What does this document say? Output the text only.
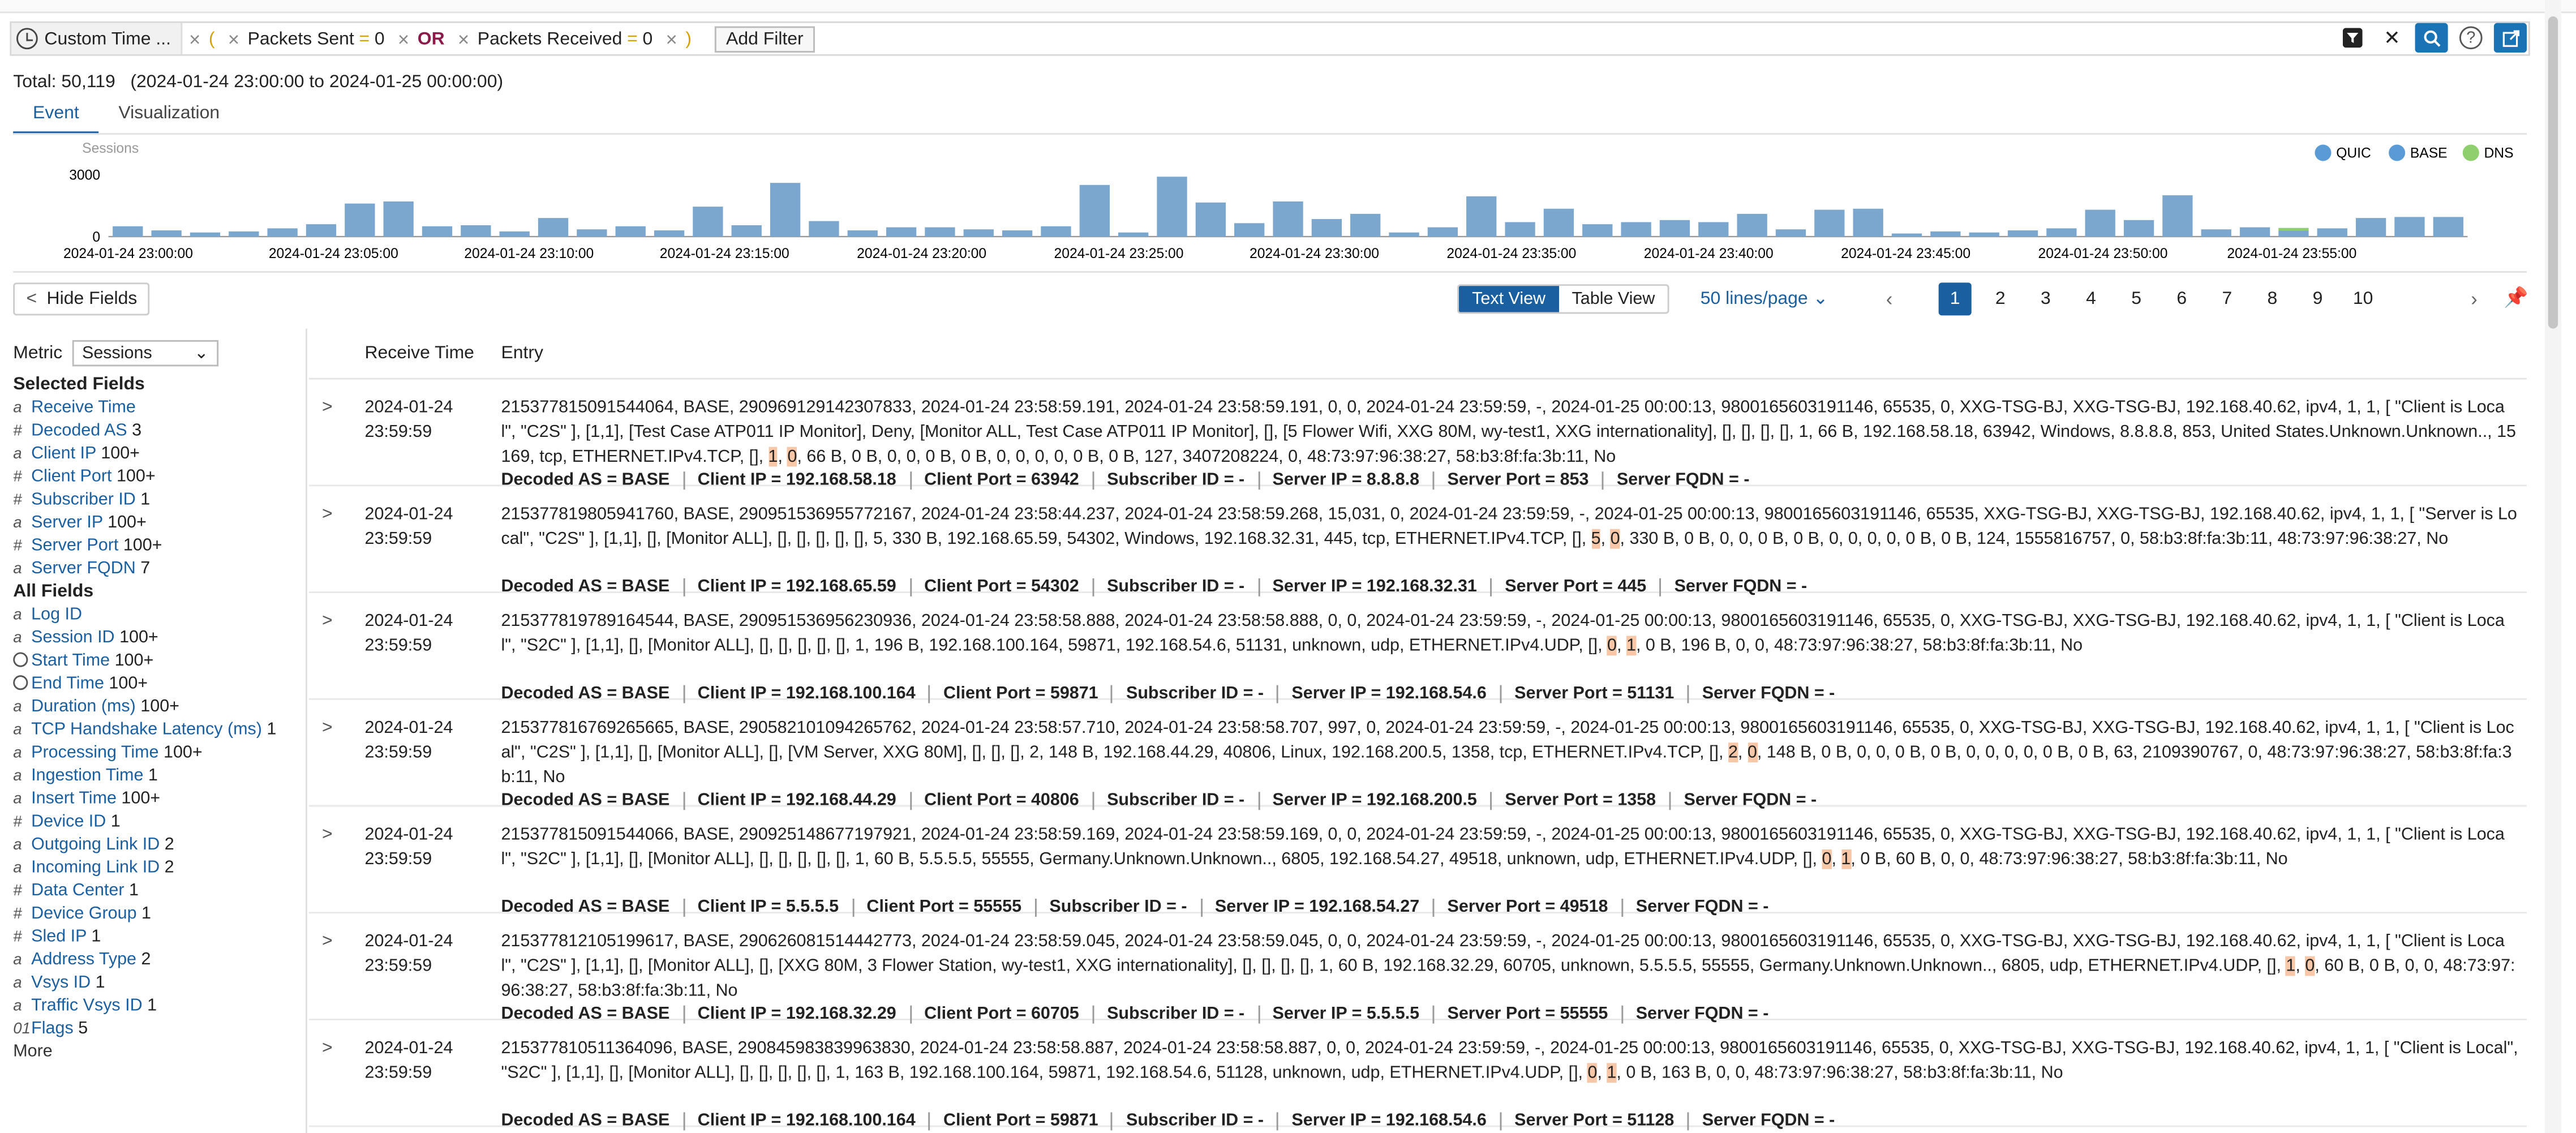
Custom Time ...	× ( × Packets Sent = 0 × OR × Packets Received = 0 × )	Add Filter	✕	?
Total: 50,119 (2024-01-24 23:00:00 to 2024-01-25 00:00:00)
Event	Visualization
Sessions
3000
0
2024-01-24 23:00:00	2024-01-24 23:05:00	2024-01-24 23:10:00	2024-01-24 23:15:00	2024-01-24 23:20:00	2024-01-24 23:25:00	2024-01-24 23:30:00	2024-01-24 23:35:00	2024-01-24 23:40:00	2024-01-24 23:45:00	2024-01-24 23:50:00	2024-01-24 23:55:00
QUIC	BASE	DNS
< Hide Fields	Text View	Table View	50 lines/page ⌄	‹	1	2	3	4	5	6	7	8	9	10	›	📌
Metric	Sessions	⌄
Selected Fields
a Receive Time
# Decoded AS 3
a Client IP 100+
# Client Port 100+
# Subscriber ID 1
a Server IP 100+
# Server Port 100+
a Server FQDN 7
All Fields
a Log ID
a Session ID 100+
Start Time 100+
End Time 100+
a Duration (ms) 100+
a TCP Handshake Latency (ms) 1
a Processing Time 100+
a Ingestion Time 1
a Insert Time 100+
# Device ID 1
a Outgoing Link ID 2
a Incoming Link ID 2
# Data Center 1
# Device Group 1
# Sled IP 1
a Address Type 2
a Vsys ID 1
a Traffic Vsys ID 1
01Flags 5
More
Receive Time	Entry
>	2024-01-24
23:59:59
215377815091544064, BASE, 290969129142307833, 2024-01-24 23:58:59.191, 2024-01-24 23:58:59.191, 0, 0, 2024-01-24 23:59:59, -, 2024-01-25 00:00:13, 9800165603191146, 65535, 0, XXG-TSG-BJ, XXG-TSG-BJ, 192.168.40.62, ipv4, 1, 1, [ "Client is Local", "C2S" ], [1,1], [Test Case ATP011 IP Monitor], Deny, [Monitor ALL, Test Case ATP011 IP Monitor], [], [5 Flower Wifi, XXG 80M, wy-test1, XXG internationality], [], [], [], [], 1, 66 B, 192.168.58.18, 63942, Windows, 8.8.8.8, 853, United States.Unknown.Unknown.., 15169, tcp, ETHERNET.IPv4.TCP, [], 1, 0, 66 B, 0 B, 0, 0, 0 B, 0 B, 0, 0, 0, 0, 0 B, 0 B, 127, 3407208224, 0, 48:73:97:96:38:27, 58:b3:8f:fa:3b:11, No
Decoded AS = BASE	Client IP = 192.168.58.18	Client Port = 63942	Subscriber ID = -	Server IP = 8.8.8.8	Server Port = 853	Server FQDN = -
>	2024-01-24
23:59:59
215377819805941760, BASE, 290951536955772167, 2024-01-24 23:58:44.237, 2024-01-24 23:58:59.268, 15,031, 0, 2024-01-24 23:59:59, -, 2024-01-25 00:00:13, 9800165603191146, 65535, XXG-TSG-BJ, XXG-TSG-BJ, 192.168.40.62, ipv4, 1, 1, [ "Server is Local", "C2S" ], [1,1], [], [Monitor ALL], [], [], [], [], [], 5, 330 B, 192.168.65.59, 54302, Windows, 192.168.32.31, 445, tcp, ETHERNET.IPv4.TCP, [], 5, 0, 330 B, 0 B, 0, 0, 0 B, 0 B, 0, 0, 0, 0, 0 B, 0 B, 124, 1555816757, 0, 58:b3:8f:fa:3b:11, 48:73:97:96:38:27, No
Decoded AS = BASE	Client IP = 192.168.65.59	Client Port = 54302	Subscriber ID = -	Server IP = 192.168.32.31	Server Port = 445	Server FQDN = -
>	2024-01-24
23:59:59
215377819789164544, BASE, 290951536956230936, 2024-01-24 23:58:58.888, 2024-01-24 23:58:58.888, 0, 0, 2024-01-24 23:59:59, -, 2024-01-25 00:00:13, 9800165603191146, 65535, 0, XXG-TSG-BJ, XXG-TSG-BJ, 192.168.40.62, ipv4, 1, 1, [ "Client is Local", "S2C" ], [1,1], [], [Monitor ALL], [], [], [], [], [], 1, 196 B, 192.168.100.164, 59871, 192.168.54.6, 51131, unknown, udp, ETHERNET.IPv4.UDP, [], 0, 1, 0 B, 196 B, 0, 0, 48:73:97:96:38:27, 58:b3:8f:fa:3b:11, No
Decoded AS = BASE	Client IP = 192.168.100.164	Client Port = 59871	Subscriber ID = -	Server IP = 192.168.54.6	Server Port = 51131	Server FQDN = -
>	2024-01-24
23:59:59
215377816769265665, BASE, 290582101094265762, 2024-01-24 23:58:57.710, 2024-01-24 23:58:58.707, 997, 0, 2024-01-24 23:59:59, -, 2024-01-25 00:00:13, 9800165603191146, 65535, 0, XXG-TSG-BJ, XXG-TSG-BJ, 192.168.40.62, ipv4, 1, 1, [ "Client is Local", "C2S" ], [1,1], [], [Monitor ALL], [], [VM Server, XXG 80M], [], [], [], 2, 148 B, 192.168.44.29, 40806, Linux, 192.168.200.5, 1358, tcp, ETHERNET.IPv4.TCP, [], 2, 0, 148 B, 0 B, 0, 0, 0 B, 0 B, 0, 0, 0, 0, 0 B, 0 B, 63, 2109390767, 0, 48:73:97:96:38:27, 58:b3:8f:fa:3b:11, No
Decoded AS = BASE	Client IP = 192.168.44.29	Client Port = 40806	Subscriber ID = -	Server IP = 192.168.200.5	Server Port = 1358	Server FQDN = -
>	2024-01-24
23:59:59
215377815091544066, BASE, 290925148677197921, 2024-01-24 23:58:59.169, 2024-01-24 23:58:59.169, 0, 0, 2024-01-24 23:59:59, -, 2024-01-25 00:00:13, 9800165603191146, 65535, 0, XXG-TSG-BJ, XXG-TSG-BJ, 192.168.40.62, ipv4, 1, 1, [ "Client is Local", "S2C" ], [1,1], [], [Monitor ALL], [], [], [], [], [], 1, 60 B, 5.5.5.5, 55555, Germany.Unknown.Unknown.., 6805, 192.168.54.27, 49518, unknown, udp, ETHERNET.IPv4.UDP, [], 0, 1, 0 B, 60 B, 0, 0, 48:73:97:96:38:27, 58:b3:8f:fa:3b:11, No
Decoded AS = BASE	Client IP = 5.5.5.5	Client Port = 55555	Subscriber ID = -	Server IP = 192.168.54.27	Server Port = 49518	Server FQDN = -
>	2024-01-24
23:59:59
215377812105199617, BASE, 290626081514442773, 2024-01-24 23:58:59.045, 2024-01-24 23:58:59.045, 0, 0, 2024-01-24 23:59:59, -, 2024-01-25 00:00:13, 9800165603191146, 65535, 0, XXG-TSG-BJ, XXG-TSG-BJ, 192.168.40.62, ipv4, 1, 1, [ "Client is Local", "C2S" ], [1,1], [], [Monitor ALL], [], [XXG 80M, 3 Flower Station, wy-test1, XXG internationality], [], [], [], [], 1, 60 B, 192.168.32.29, 60705, unknown, 5.5.5.5, 55555, Germany.Unknown.Unknown.., 6805, udp, ETHERNET.IPv4.UDP, [], 1, 0, 60 B, 0 B, 0, 0, 48:73:97:96:38:27, 58:b3:8f:fa:3b:11, No
Decoded AS = BASE	Client IP = 192.168.32.29	Client Port = 60705	Subscriber ID = -	Server IP = 5.5.5.5	Server Port = 55555	Server FQDN = -
>	2024-01-24
23:59:59
215377810511364096, BASE, 290845983839963830, 2024-01-24 23:58:58.887, 2024-01-24 23:58:58.887, 0, 0, 2024-01-24 23:59:59, -, 2024-01-25 00:00:13, 9800165603191146, 65535, 0, XXG-TSG-BJ, XXG-TSG-BJ, 192.168.40.62, ipv4, 1, 1, [ "Client is Local", "S2C" ], [1,1], [], [Monitor ALL], [], [], [], [], [], 1, 163 B, 192.168.100.164, 59871, 192.168.54.6, 51128, unknown, udp, ETHERNET.IPv4.UDP, [], 0, 1, 0 B, 163 B, 0, 0, 48:73:97:96:38:27, 58:b3:8f:fa:3b:11, No
Decoded AS = BASE	Client IP = 192.168.100.164	Client Port = 59871	Subscriber ID = -	Server IP = 192.168.54.6	Server Port = 51128	Server FQDN = -
